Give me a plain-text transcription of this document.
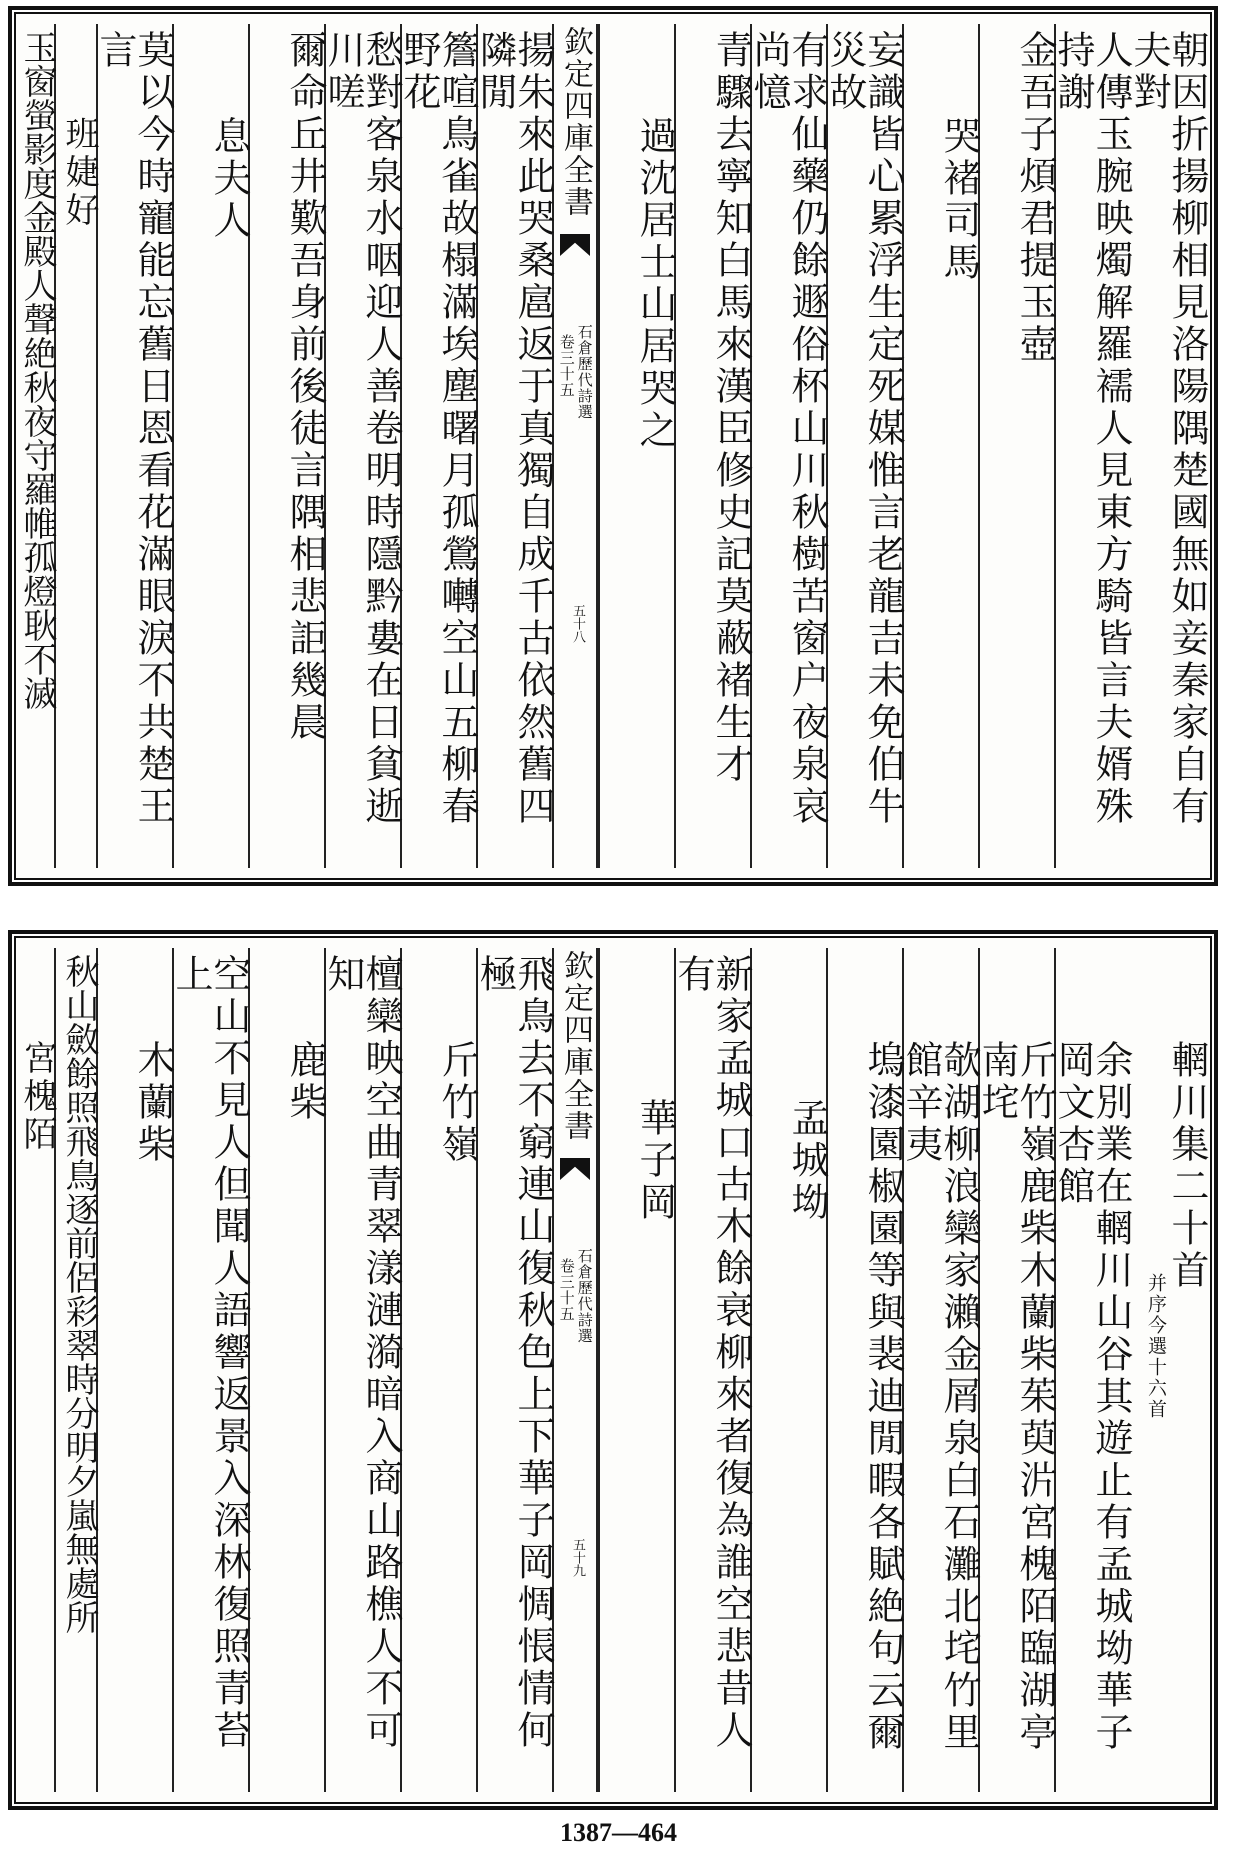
朝因折揚柳相見洛陽隅楚國無如妾秦家自有夫對
人傳玉腕映燭解羅襦人見東方騎皆言夫婿殊持謝
金吾子煩君提玉壺
哭褚司馬
妄識皆心累浮生定死媒惟言老龍吉未免伯牛災故
有求仙藥仍餘遯俗杯山川秋樹苦窗户夜泉哀尚憶
青驟去寧知白馬來漢臣修史記莫蔽褚生才
過沈居士山居哭之
欽定四庫全書
石倉歷代詩選
卷三十五
五十八
揚朱來此哭桑扈返于真獨自成千古依然舊四隣閒
簷喧鳥雀故榻滿埃塵曙月孤鶯囀空山五柳春野花
愁對客泉水咽迎人善卷明時隱黔婁在日貧逝川嗟
爾命丘井歎吾身前後徒言隅相悲詎幾晨
息夫人
莫以今時寵能忘舊日恩看花滿眼淚不共楚王言
班婕好
玉窗螢影度金殿人聲絶秋夜守羅帷孤燈耿不滅
輞川集二十首
并序今選十六首
余別業在輞川山谷其遊止有孟城坳華子岡文杏館
斤竹嶺鹿柴木蘭柴茱萸沜宮槐陌臨湖亭南垞
欹湖柳浪欒家瀨金屑泉白石灘北垞竹里館辛夷
塢漆園椒園等與裴迪閒暇各賦絶句云爾
孟城坳
新家孟城口古木餘衰柳來者復為誰空悲昔人有
華子岡
欽定四庫全書
石倉歷代詩選
卷三十五
五十九
飛鳥去不窮連山復秋色上下華子岡惆悵情何極
斤竹嶺
檀欒映空曲青翠漾漣漪暗入商山路樵人不可知
鹿柴
空山不見人但聞人語響返景入深林復照青苔上
木蘭柴
秋山斂餘照飛鳥逐前侶彩翠時分明夕嵐無處所
宮槐陌
1387—464
